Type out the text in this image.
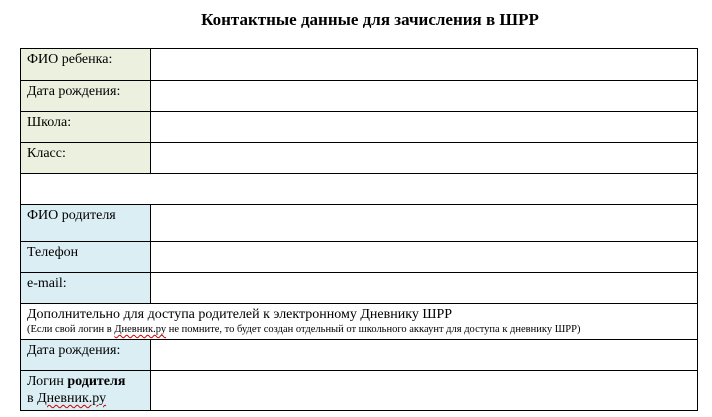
Контактные данные для зачисления в ШРР
ФИО ребенка:	
Дата рождения:	
Школа:	
Класс:	

ФИО родителя	
Телефон	
e-mail:	

Дополнительно для доступа родителей к электронному Дневнику ШРР
(Если свой логин в Дневник.ру не помните, то будет создан отдельный от школьного аккаунт для доступа к дневнику ШРР)	

Дата рождения:	
Логин родителя
в Дневник.ру	
